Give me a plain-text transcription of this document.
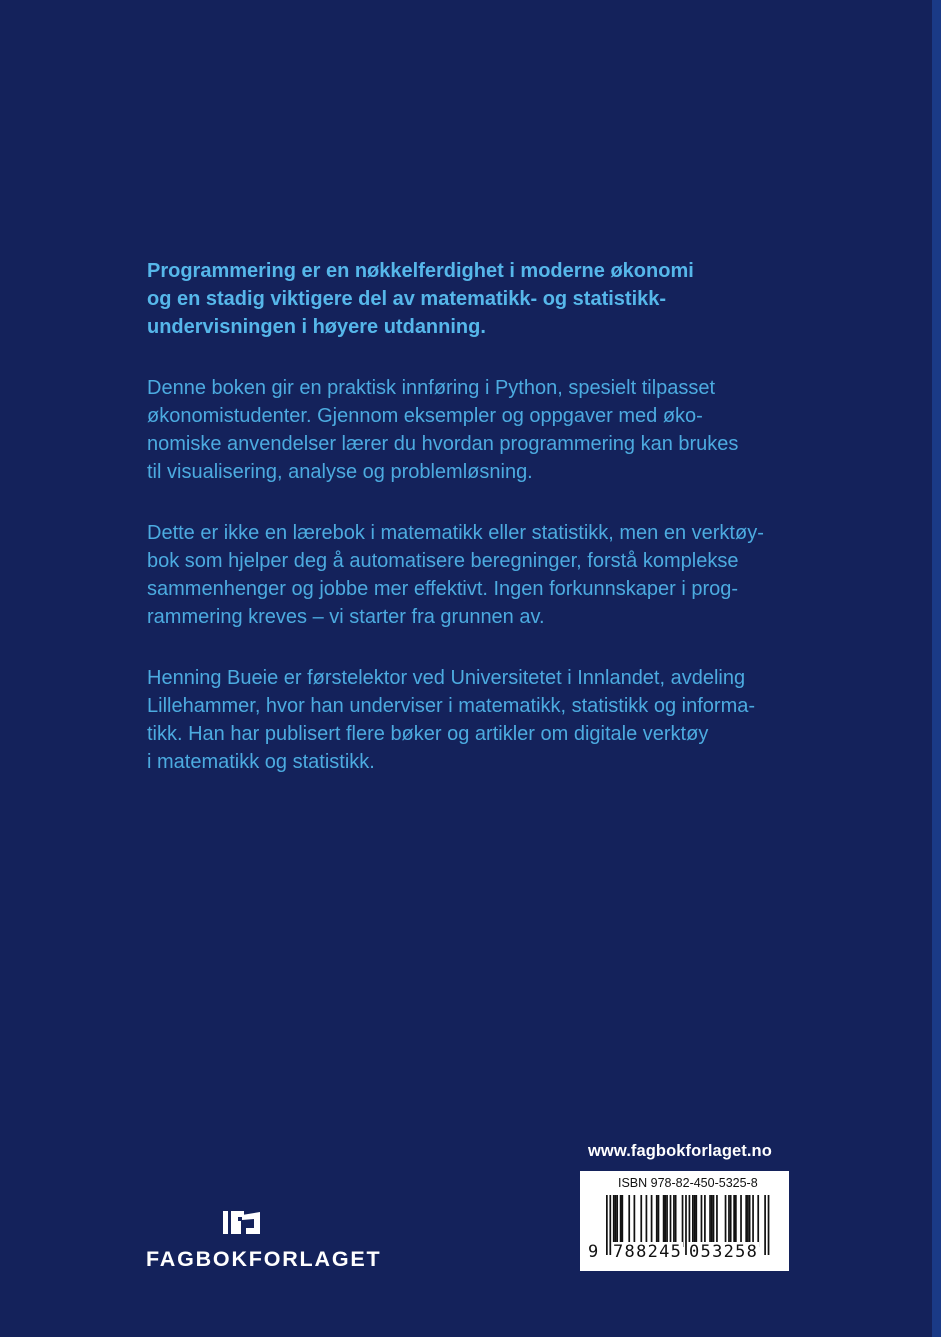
Programmering er en nøkkelferdighet i moderne økonomi
og en stadig viktigere del av matematikk- og statistikk-
undervisningen i høyere utdanning.

Denne boken gir en praktisk innføring i Python, spesielt tilpasset
økonomistudenter. Gjennom eksempler og oppgaver med øko-
nomiske anvendelser lærer du hvordan programmering kan brukes
til visualisering, analyse og problemløsning.

Dette er ikke en lærebok i matematikk eller statistikk, men en verktøy-
bok som hjelper deg å automatisere beregninger, forstå komplekse
sammenhenger og jobbe mer effektivt. Ingen forkunnskaper i prog-
rammering kreves – vi starter fra grunnen av.

Henning Bueie er førstelektor ved Universitetet i Innlandet, avdeling
Lillehammer, hvor han underviser i matematikk, statistikk og informa-
tikk. Han har publisert flere bøker og artikler om digitale verktøy
i matematikk og statistikk.

www.fagbokforlaget.no
ISBN 978-82-450-5325-8
9 788245 053258
FAGBOKFORLAGET
